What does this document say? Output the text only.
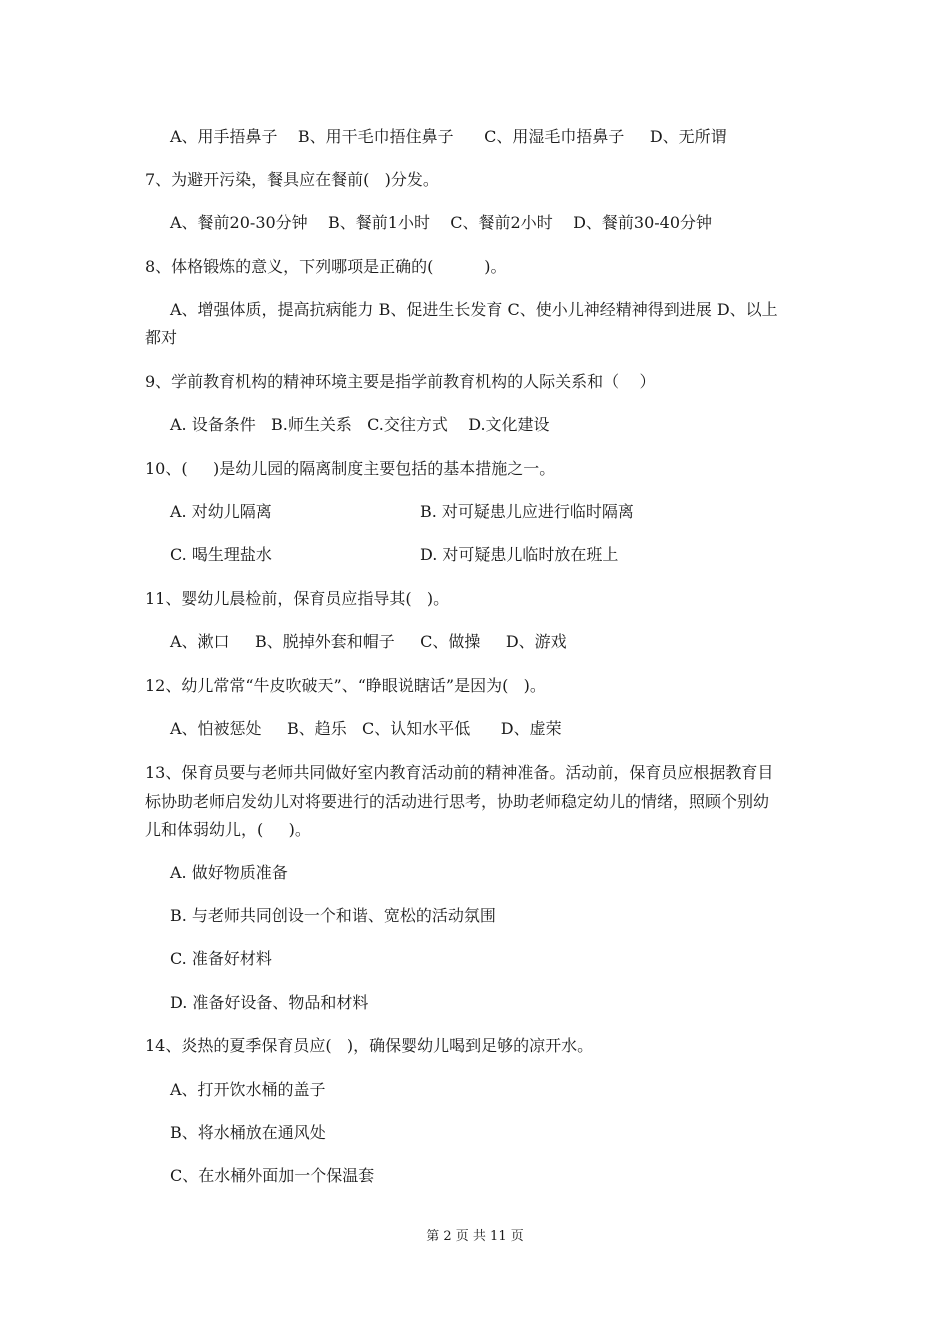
A、用手捂鼻子    B、用干毛巾捂住鼻子      C、用湿毛巾捂鼻子     D、无所谓
7、为避开污染，餐具应在餐前(   )分发。
A、餐前20-30分钟    B、餐前1小时    C、餐前2小时    D、餐前30-40分钟
8、体格锻炼的意义，下列哪项是正确的(          )。
A、增强体质，提高抗病能力 B、促进生长发育 C、使小儿神经精神得到进展 D、以上
都对
9、学前教育机构的精神环境主要是指学前教育机构的人际关系和（    ）
A. 设备条件   B.师生关系   C.交往方式    D.文化建设
10、(     )是幼儿园的隔离制度主要包括的基本措施之一。
A. 对幼儿隔离	B. 对可疑患儿应进行临时隔离
C. 喝生理盐水	D. 对可疑患儿临时放在班上
11、婴幼儿晨检前，保育员应指导其(   )。
A、漱口     B、脱掉外套和帽子     C、做操     D、游戏
12、幼儿常常“牛皮吹破天”、“睁眼说瞎话”是因为(   )。
A、怕被惩处     B、趋乐   C、认知水平低      D、虚荣
13、保育员要与老师共同做好室内教育活动前的精神准备。活动前，保育员应根据教育目
标协助老师启发幼儿对将要进行的活动进行思考，协助老师稳定幼儿的情绪，照顾个别幼
儿和体弱幼儿，(     )。
A. 做好物质准备
B. 与老师共同创设一个和谐、宽松的活动氛围
C. 准备好材料
D. 准备好设备、物品和材料
14、炎热的夏季保育员应(   )，确保婴幼儿喝到足够的凉开水。
A、打开饮水桶的盖子
B、将水桶放在通风处
C、在水桶外面加一个保温套
第 2 页 共 11 页
